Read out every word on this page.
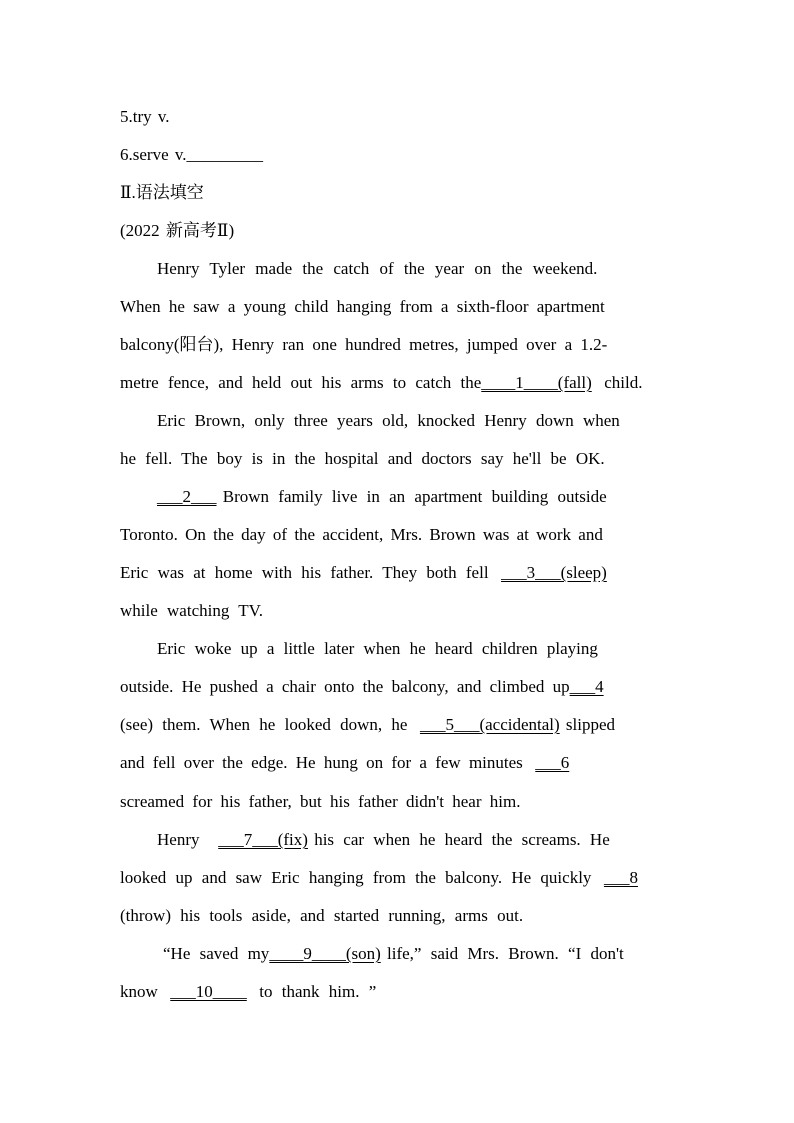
5.try v.
6.serve v._________
Ⅱ.语法填空
(2022 新高考Ⅱ)
Henry Tyler made the catch of the year on the weekend.
When he saw a young child hanging from a sixth-floor apartment
balcony(阳台), Henry ran one hundred metres, jumped over a 1.2-
metre fence, and held out his arms to catch the____1____(fall) child.
Eric Brown, only three years old, knocked Henry down when
he fell. The boy is in the hospital and doctors say he'll be OK.
___2___ Brown family live in an apartment building outside
Toronto. On the day of the accident, Mrs. Brown was at work and
Eric was at home with his father. They both fell ___3___(sleep)
while watching TV.
Eric woke up a little later when he heard children playing
outside. He pushed a chair onto the balcony, and climbed up___4
(see) them. When he looked down, he ___5___(accidental) slipped
and fell over the edge. He hung on for a few minutes ___6
screamed for his father, but his father didn't hear him.
Henry ___7___(fix) his car when he heard the screams. He
looked up and saw Eric hanging from the balcony. He quickly ___8
(throw) his tools aside, and started running, arms out.
“He saved my____9____(son) life,” said Mrs. Brown. “I don't
know ___10____ to thank him. ”
